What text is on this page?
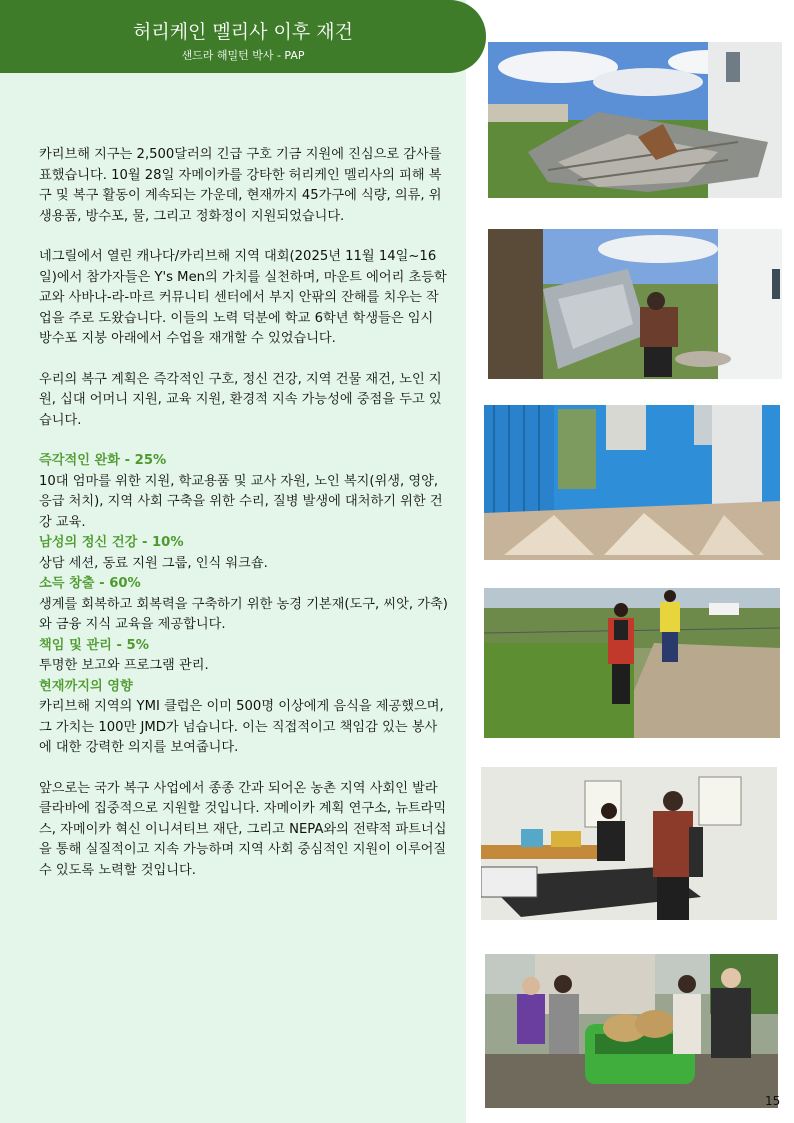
허리케인 멜리사 이후 재건
샌드라 해밀턴 박사 - PAP

카리브해 지구는 2,500달러의 긴급 구호 기금 지원에 진심으로 감사를 표했습니다. 10월 28일 자메이카를 강타한 허리케인 멜리사의 피해 복구 및 복구 활동이 계속되는 가운데, 현재까지 45가구에 식량, 의류, 위생용품, 방수포, 물, 그리고 정화정이 지원되었습니다.

네그릴에서 열린 캐나다/카리브해 지역 대회(2025년 11월 14일~16일)에서 참가자들은 Y's Men의 가치를 실천하며, 마운트 에어리 초등학교와 사바나-라-마르 커뮤니티 센터에서 부지 안팎의 잔해를 치우는 작업을 주로 도왔습니다. 이들의 노력 덕분에 학교 6학년 학생들은 임시 방수포 지붕 아래에서 수업을 재개할 수 있었습니다.

우리의 복구 계획은 즉각적인 구호, 정신 건강, 지역 건물 재건, 노인 지원, 십대 어머니 지원, 교육 지원, 환경적 지속 가능성에 중점을 두고 있습니다.

즉각적인 완화 - 25%
10대 엄마를 위한 지원, 학교용품 및 교사 자원, 노인 복지(위생, 영양, 응급 처치), 지역 사회 구축을 위한 수리, 질병 발생에 대처하기 위한 건강 교육.
남성의 정신 건강 - 10%
상담 세션, 동료 지원 그룹, 인식 워크숍.
소득 창출 - 60%
생계를 회복하고 회복력을 구축하기 위한 농경 기본재(도구, 씨앗, 가축)와 금융 지식 교육을 제공합니다.
책임 및 관리 - 5%
투명한 보고와 프로그램 관리.
현재까지의 영향
카리브해 지역의 YMI 클럽은 이미 500명 이상에게 음식을 제공했으며, 그 가치는 100만 JMD가 넘습니다. 이는 직접적이고 책임감 있는 봉사에 대한 강력한 의지를 보여줍니다.

앞으로는 국가 복구 사업에서 종종 간과 되어온 농촌 지역 사회인 발라클라바에 집중적으로 지원할 것입니다. 자메이카 계획 연구소, 뉴트라믹스, 자메이카 혁신 이니셔티브 재단, 그리고 NEPA와의 전략적 파트너십을 통해 실질적이고 지속 가능하며 지역 사회 중심적인 지원이 이루어질 수 있도록 노력할 것입니다.

15
